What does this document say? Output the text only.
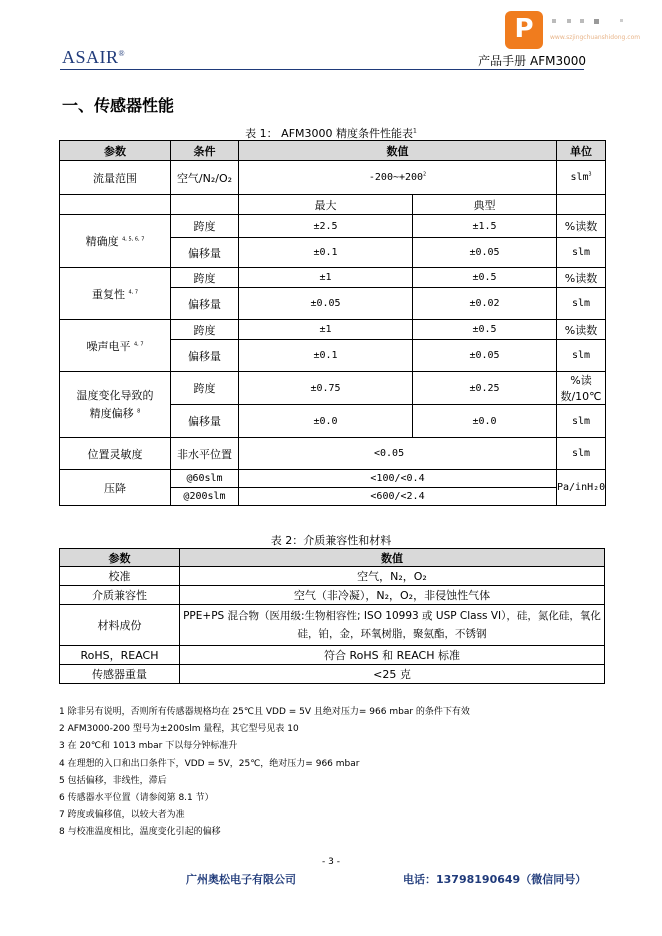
P	www.szjingchuanshidong.com
ASAIR®
产品手册 AFM3000
一、传感器性能
表 1： AFM3000 精度条件性能表$^1$
参数	条件	数值		单位
流量范围	空气/N₂/O₂	$-200\sim+200^2$		slm$^3$
		最大	典型	
精确度 $^{4, 5, 6, 7}$	跨度	±2.5	±1.5	%读数
	偏移量	±0.1	±0.05	slm
重复性 $^{4, 7}$	跨度	±1	±0.5	%读数
	偏移量	±0.05	±0.02	slm
噪声电平 $^{4, 7}$	跨度	±1	±0.5	%读数
	偏移量	±0.1	±0.05	slm
温度变化导致的
精度偏移 $^8$	跨度	±0.75	±0.25	%读数/10℃
	偏移量	±0.0	±0.0	slm
位置灵敏度	非水平位置	<0.05		slm
压降	@60slm	<100/<0.4		Pa/inH₂0
	@200slm	<600/<2.4		
表 2：介质兼容性和材料
参数	数值
校准	空气，N₂，O₂
介质兼容性	空气（非冷凝），N₂，O₂，非侵蚀性气体
材料成份	PPE+PS 混合物（医用级:生物相容性; ISO 10993 或 USP Class VI），硅，氮化硅，氧化硅，铂，金，环氧树脂，聚氨酯，不锈钢
RoHS，REACH	符合 RoHS 和 REACH 标准
传感器重量	<25 克
1 除非另有说明，否则所有传感器规格均在 25℃且 VDD = 5V 且绝对压力= 966 mbar 的条件下有效
2 AFM3000-200 型号为±200slm 量程，其它型号见表 10
3 在 20℃和 1013 mbar 下以每分钟标准升
4 在理想的入口和出口条件下，VDD = 5V，25℃，绝对压力= 966 mbar
5 包括偏移，非线性，滞后
6 传感器水平位置（请参阅第 8.1 节）
7 跨度或偏移值，以较大者为准
8 与校准温度相比，温度变化引起的偏移
- 3 -
广州奥松电子有限公司	电话：13798190649（微信同号）
